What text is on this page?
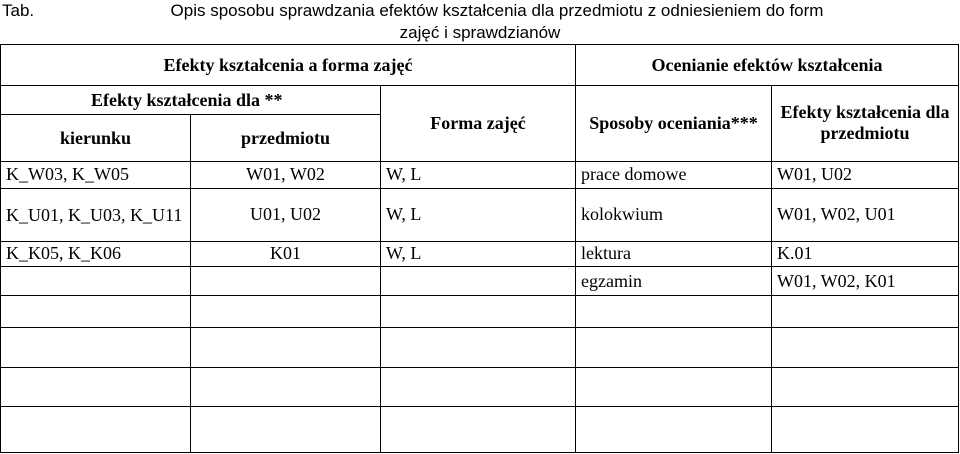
Tab.	Opis sposobu sprawdzania efektów kształcenia dla przedmiotu z odniesieniem do form
zajęć i sprawdzianów
Efekty kształcenia a forma zajęć			Ocenianie efektów kształcenia	
Efekty kształcenia dla **		Forma zajęć	Sposoby oceniania***	Efekty kształcenia dla przedmiotu
kierunku	przedmiotu			
K_W03, K_W05	W01, W02	W, L	prace domowe	W01, U02
K_U01, K_U03, K_U11	U01, U02	W, L	kolokwium	W01, W02, U01
K_K05, K_K06	K01	W, L	lektura	K.01
			egzamin	W01, W02, K01
